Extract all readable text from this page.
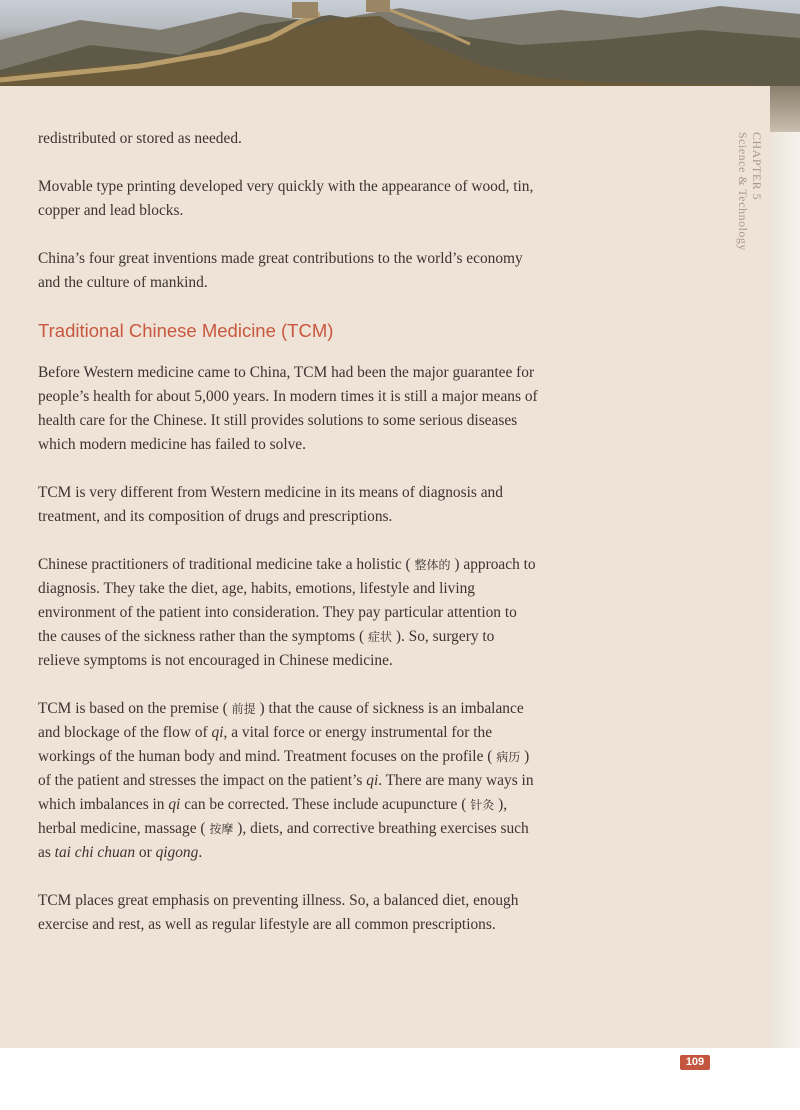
CHAPTER 5
Science & Technology

redistributed or stored as needed.

Movable type printing developed very quickly with the appearance of wood, tin, copper and lead blocks.

China’s four great inventions made great contributions to the world’s economy and the culture of mankind.

Traditional Chinese Medicine (TCM)

Before Western medicine came to China, TCM had been the major guarantee for people’s health for about 5,000 years. In modern times it is still a major means of health care for the Chinese. It still provides solutions to some serious diseases which modern medicine has failed to solve.

TCM is very different from Western medicine in its means of diagnosis and treatment, and its composition of drugs and prescriptions.

Chinese practitioners of traditional medicine take a holistic ( 整体的 ) approach to diagnosis. They take the diet, age, habits, emotions, lifestyle and living environment of the patient into consideration. They pay particular attention to the causes of the sickness rather than the symptoms ( 症状 ). So, surgery to relieve symptoms is not encouraged in Chinese medicine.

TCM is based on the premise ( 前提 ) that the cause of sickness is an imbalance and blockage of the flow of qi, a vital force or energy instrumental for the workings of the human body and mind. Treatment focuses on the profile ( 病历 ) of the patient and stresses the impact on the patient’s qi. There are many ways in which imbalances in qi can be corrected. These include acupuncture ( 针灸 ), herbal medicine, massage ( 按摩 ), diets, and corrective breathing exercises such as tai chi chuan or qigong.

TCM places great emphasis on preventing illness. So, a balanced diet, enough exercise and rest, as well as regular lifestyle are all common prescriptions.

109
